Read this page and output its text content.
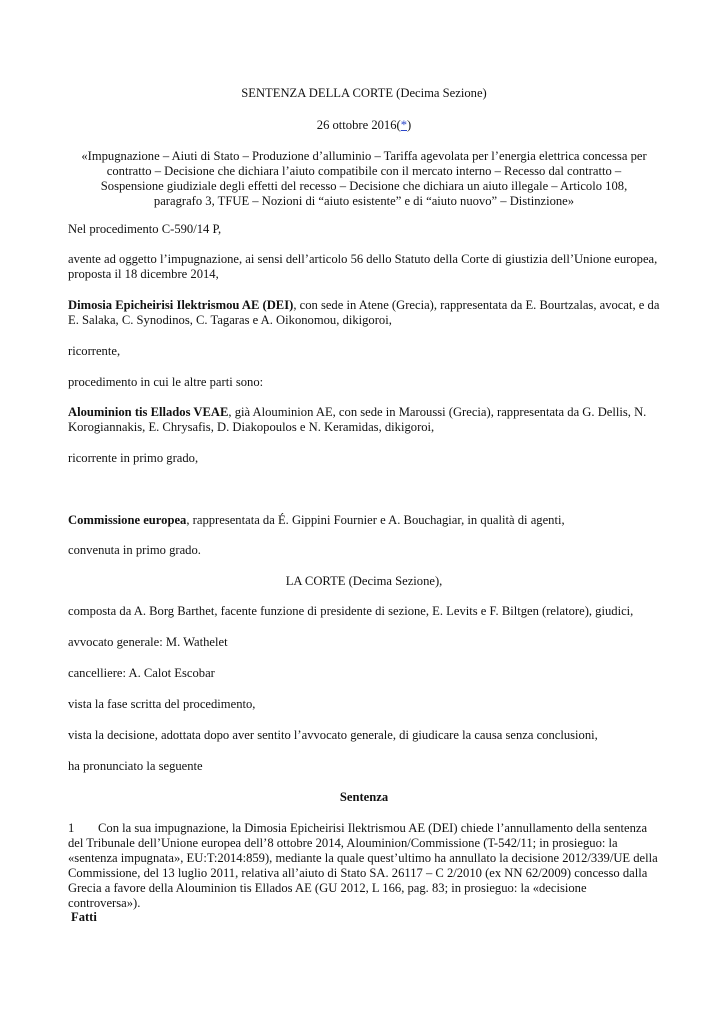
SENTENZA DELLA CORTE (Decima Sezione)

26 ottobre 2016(*)

«Impugnazione – Aiuti di Stato – Produzione d’alluminio – Tariffa agevolata per l’energia elettrica concessa per contratto – Decisione che dichiara l’aiuto compatibile con il mercato interno – Recesso dal contratto – Sospensione giudiziale degli effetti del recesso – Decisione che dichiara un aiuto illegale – Articolo 108, paragrafo 3, TFUE – Nozioni di “aiuto esistente” e di “aiuto nuovo” – Distinzione»

Nel procedimento C-590/14 P,

avente ad oggetto l’impugnazione, ai sensi dell’articolo 56 dello Statuto della Corte di giustizia dell’Unione europea, proposta il 18 dicembre 2014,

Dimosia Epicheirisi Ilektrismou AE (DEI), con sede in Atene (Grecia), rappresentata da E. Bourtzalas, avocat, e da E. Salaka, C. Synodinos, C. Tagaras e A. Oikonomou, dikigoroi,

ricorrente,

procedimento in cui le altre parti sono:

Alouminion tis Ellados VEAE, già Alouminion AE, con sede in Maroussi (Grecia), rappresentata da G. Dellis, N. Korogiannakis, E. Chrysafis, D. Diakopoulos e N. Keramidas, dikigoroi,

ricorrente in primo grado,

Commissione europea, rappresentata da É. Gippini Fournier e A. Bouchagiar, in qualità di agenti,

convenuta in primo grado.

LA CORTE (Decima Sezione),

composta da A. Borg Barthet, facente funzione di presidente di sezione, E. Levits e F. Biltgen (relatore), giudici,

avvocato generale: M. Wathelet

cancelliere: A. Calot Escobar

vista la fase scritta del procedimento,

vista la decisione, adottata dopo aver sentito l’avvocato generale, di giudicare la causa senza conclusioni,

ha pronunciato la seguente

Sentenza

1 Con la sua impugnazione, la Dimosia Epicheirisi Ilektrismou AE (DEI) chiede l’annullamento della sentenza del Tribunale dell’Unione europea dell’8 ottobre 2014, Alouminion/Commissione (T-542/11; in prosieguo: la «sentenza impugnata», EU:T:2014:859), mediante la quale quest’ultimo ha annullato la decisione 2012/339/UE della Commissione, del 13 luglio 2011, relativa all’aiuto di Stato SA. 26117 – C 2/2010 (ex NN 62/2009) concesso dalla Grecia a favore della Alouminion tis Ellados AE (GU 2012, L 166, pag. 83; in prosieguo: la «decisione controversa»).

Fatti
